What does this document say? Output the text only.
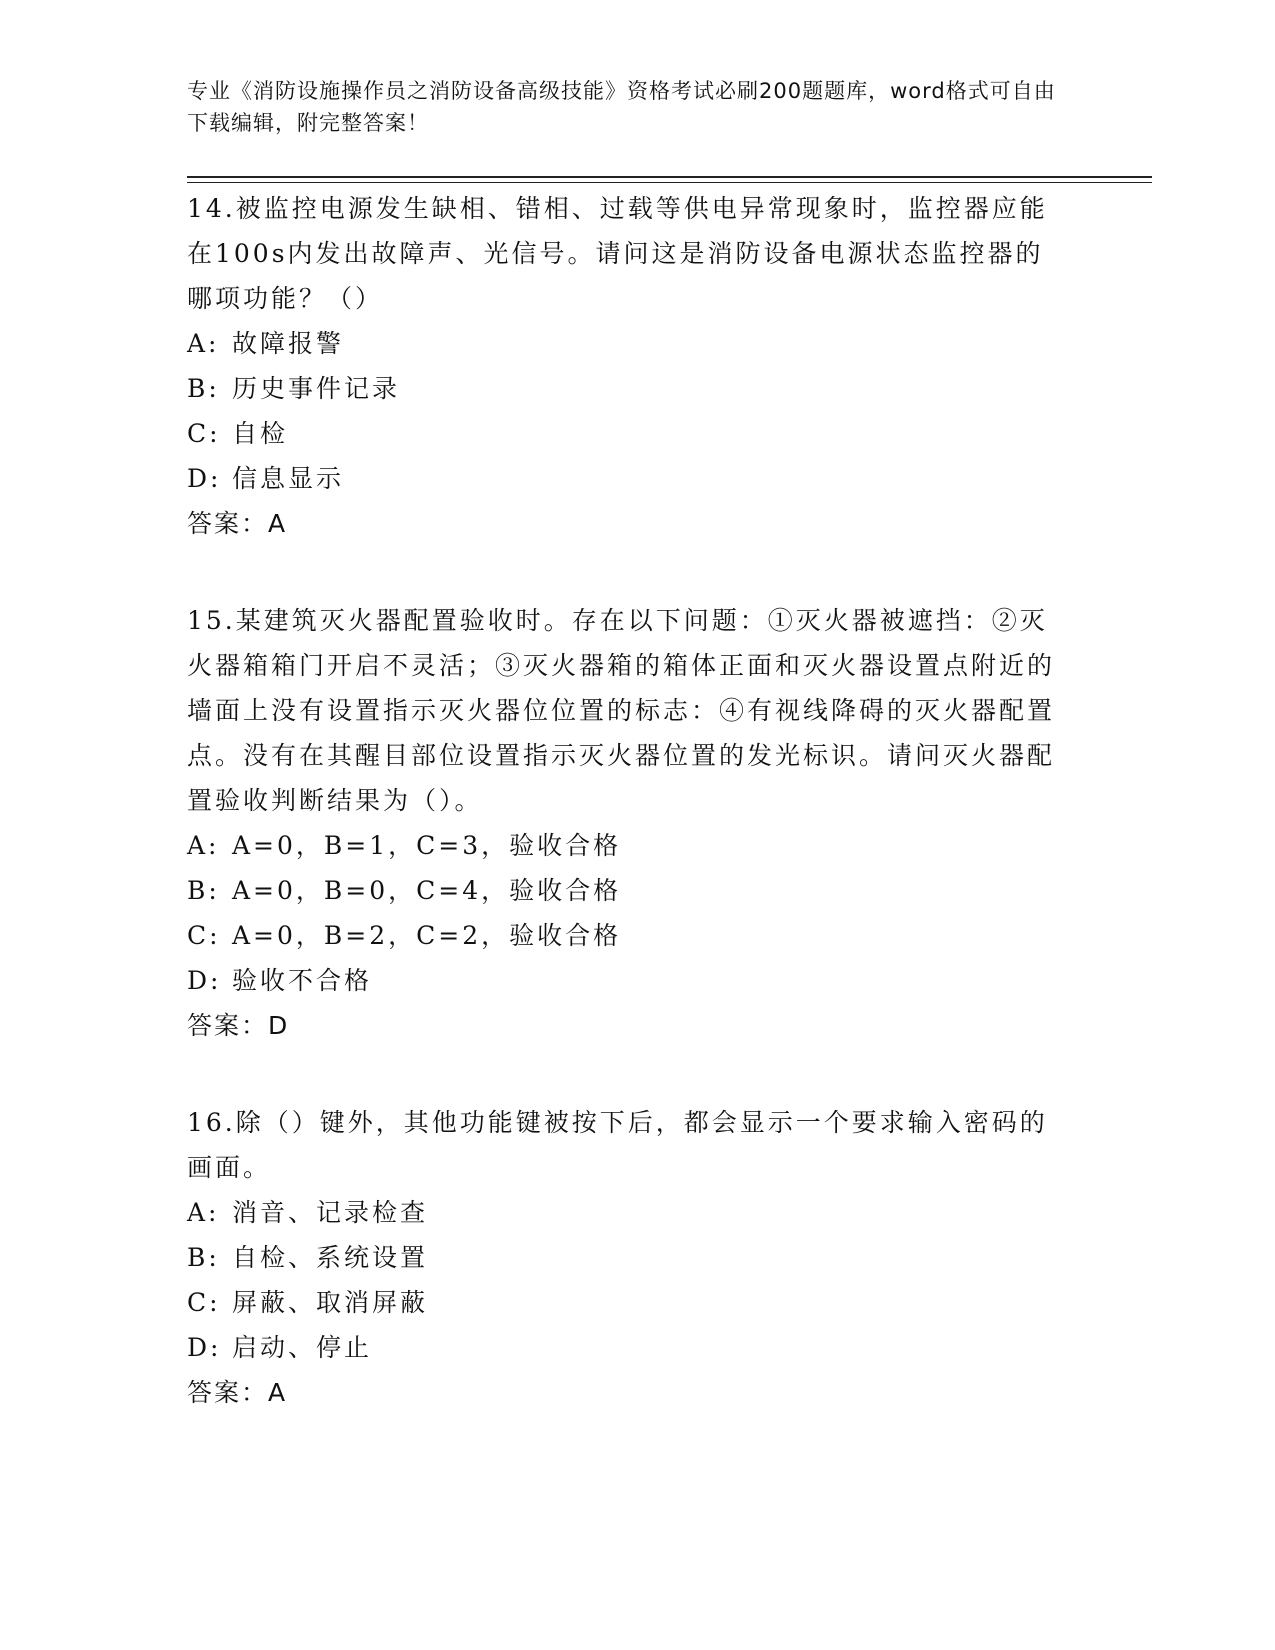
专业《消防设施操作员之消防设备高级技能》资格考试必刷200题题库，word格式可自由下载编辑，附完整答案！
14.被监控电源发生缺相、错相、过载等供电异常现象时，监控器应能在100s内发出故障声、光信号。请问这是消防设备电源状态监控器的哪项功能？（）
A: 故障报警
B: 历史事件记录
C: 自检
D: 信息显示
答案：A
15.某建筑灭火器配置验收时。存在以下问题：①灭火器被遮挡：②灭火器箱箱门开启不灵活；③灭火器箱的箱体正面和灭火器设置点附近的墙面上没有设置指示灭火器位位置的标志：④有视线降碍的灭火器配置点。没有在其醒目部位设置指示灭火器位置的发光标识。请问灭火器配置验收判断结果为（）。
A: A=0，B=1，C=3，验收合格
B: A=0，B=0，C=4，验收合格
C: A=0，B=2，C=2，验收合格
D: 验收不合格
答案：D
16.除（）键外，其他功能键被按下后，都会显示一个要求输入密码的画面。
A: 消音、记录检查
B: 自检、系统设置
C: 屏蔽、取消屏蔽
D: 启动、停止
答案：A
